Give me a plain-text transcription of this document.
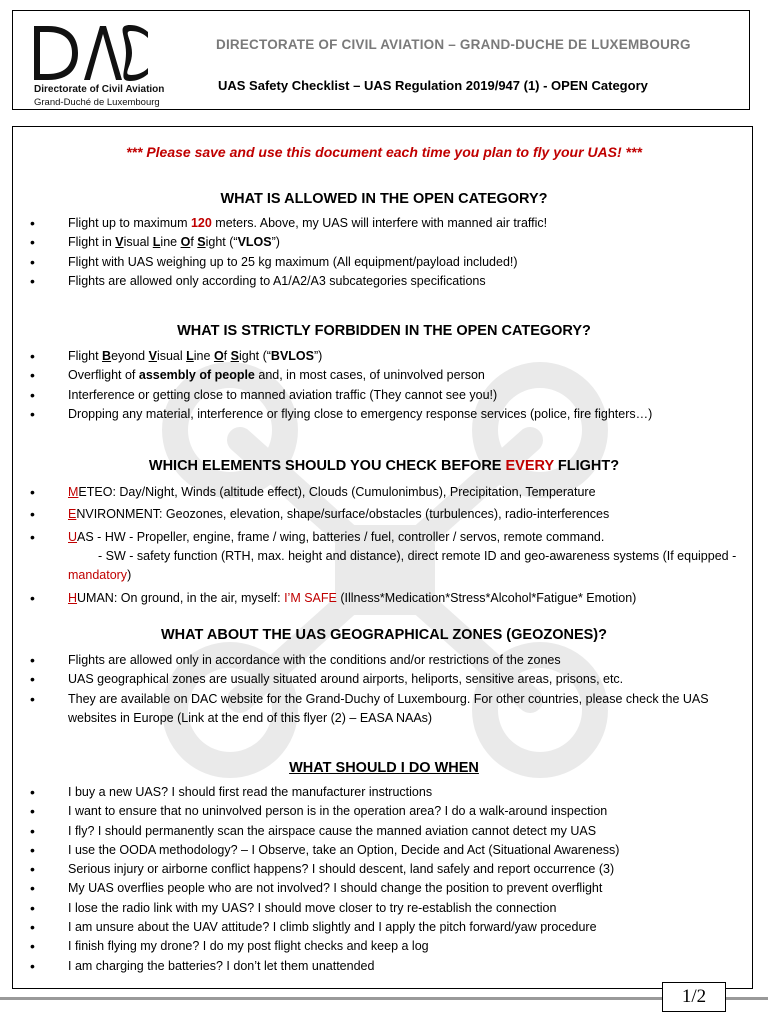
Directorate of Civil Aviation
Grand-Duché de Luxembourg
DIRECTORATE OF CIVIL AVIATION – GRAND-DUCHE DE LUXEMBOURG
UAS Safety Checklist – UAS Regulation 2019/947 (1) - OPEN Category
*** Please save and use this document each time you plan to fly your UAS! ***
WHAT IS ALLOWED IN THE OPEN CATEGORY?
• Flight up to maximum 120 meters. Above, my UAS will interfere with manned air traffic!
• Flight in Visual Line Of Sight (“VLOS”)
• Flight with UAS weighing up to 25 kg maximum (All equipment/payload included!)
• Flights are allowed only according to A1/A2/A3 subcategories specifications
WHAT IS STRICTLY FORBIDDEN IN THE OPEN CATEGORY?
• Flight Beyond Visual Line Of Sight (“BVLOS”)
• Overflight of assembly of people and, in most cases, of uninvolved person
• Interference or getting close to manned aviation traffic (They cannot see you!)
• Dropping any material, interference or flying close to emergency response services (police, fire fighters…)
WHICH ELEMENTS SHOULD YOU CHECK BEFORE EVERY FLIGHT?
• METEO: Day/Night, Winds (altitude effect), Clouds (Cumulonimbus), Precipitation, Temperature
• ENVIRONMENT: Geozones, elevation, shape/surface/obstacles (turbulences), radio-interferences
• UAS - HW - Propeller, engine, frame / wing, batteries / fuel, controller / servos, remote command.
- SW - safety function (RTH, max. height and distance), direct remote ID and geo-awareness systems (If equipped - mandatory)
• HUMAN: On ground, in the air, myself: I’M SAFE (Illness*Medication*Stress*Alcohol*Fatigue* Emotion)
WHAT ABOUT THE UAS GEOGRAPHICAL ZONES (GEOZONES)?
• Flights are allowed only in accordance with the conditions and/or restrictions of the zones
• UAS geographical zones are usually situated around airports, heliports, sensitive areas, prisons, etc.
• They are available on DAC website for the Grand-Duchy of Luxembourg. For other countries, please check the UAS websites in Europe (Link at the end of this flyer (2) – EASA NAAs)
WHAT SHOULD I DO WHEN
• I buy a new UAS? I should first read the manufacturer instructions
• I want to ensure that no uninvolved person is in the operation area? I do a walk-around inspection
• I fly? I should permanently scan the airspace cause the manned aviation cannot detect my UAS
• I use the OODA methodology? – I Observe, take an Option, Decide and Act (Situational Awareness)
• Serious injury or airborne conflict happens? I should descent, land safely and report occurrence (3)
• My UAS overflies people who are not involved? I should change the position to prevent overflight
• I lose the radio link with my UAS? I should move closer to try re-establish the connection
• I am unsure about the UAV attitude? I climb slightly and I apply the pitch forward/yaw procedure
• I finish flying my drone? I do my post flight checks and keep a log
• I am charging the batteries? I don’t let them unattended
1/2
